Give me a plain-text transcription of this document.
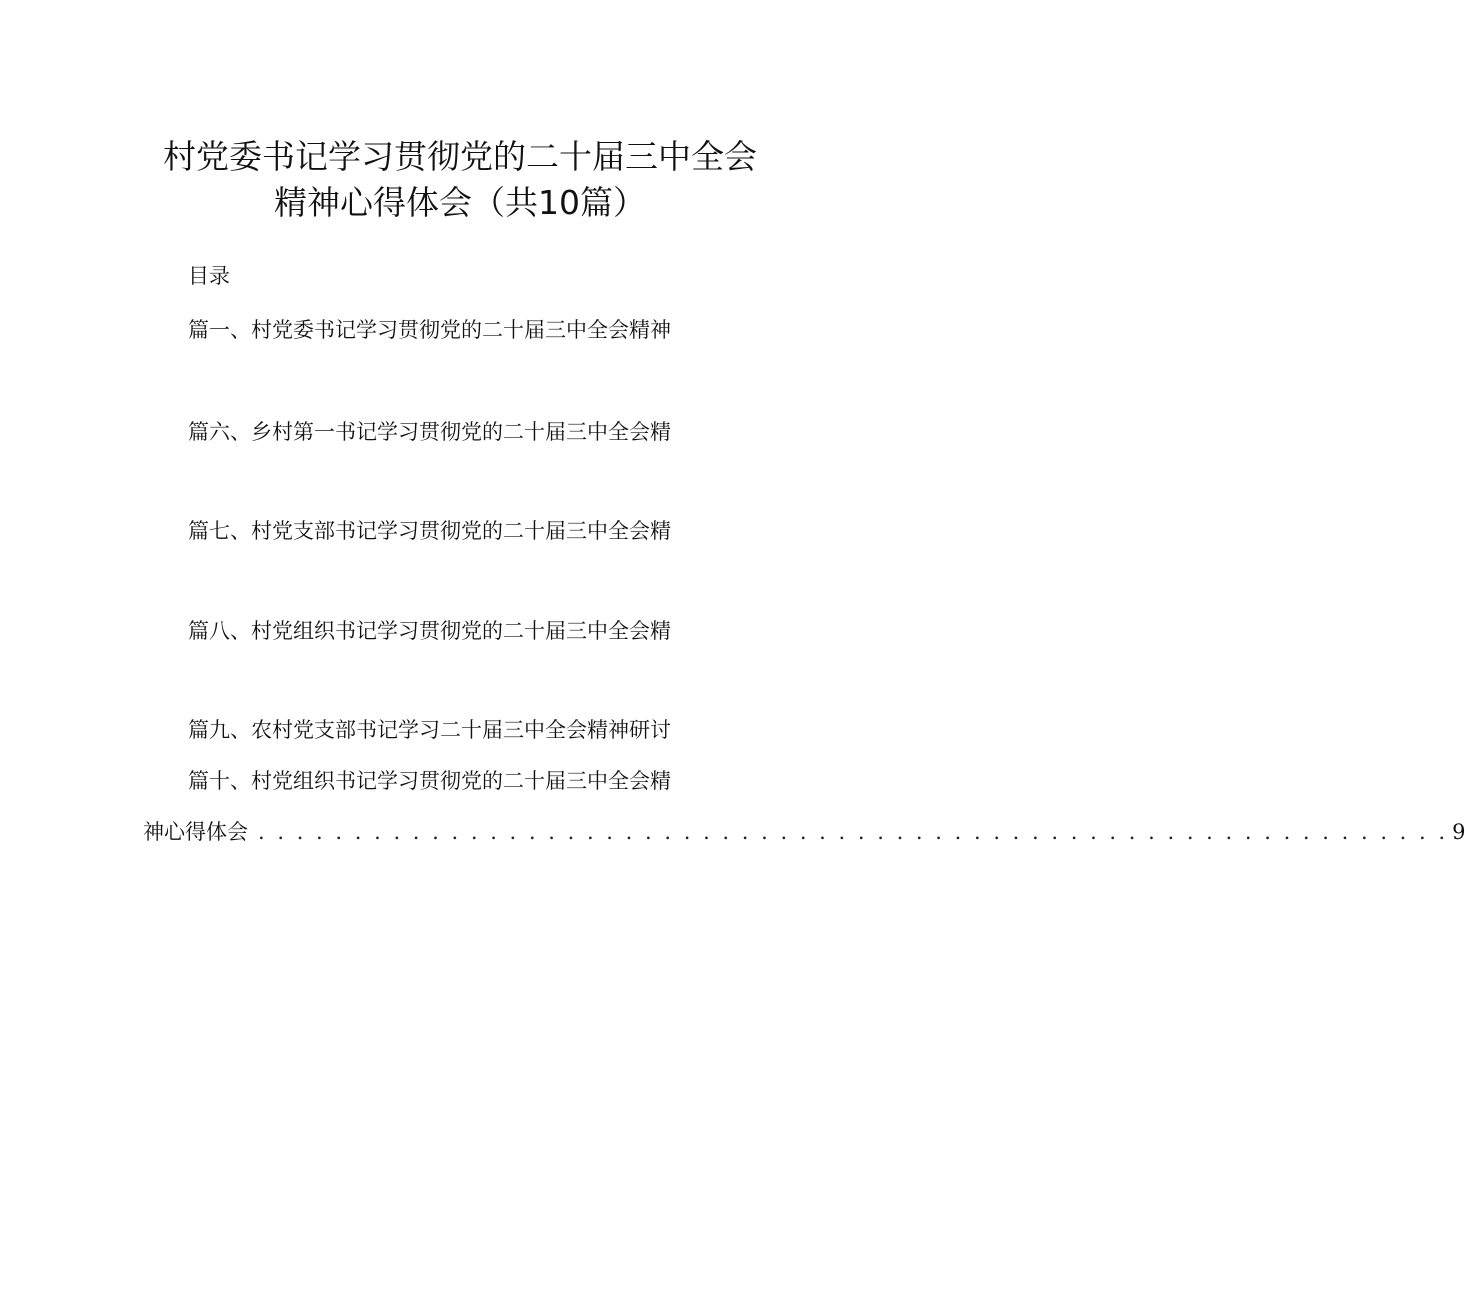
村党委书记学习贯彻党的二十届三中全会
精神心得体会（共10篇）
目录
篇一、村党委书记学习贯彻党的二十届三中全会精神
篇六、乡村第一书记学习贯彻党的二十届三中全会精
篇七、村党支部书记学习贯彻党的二十届三中全会精
篇八、村党组织书记学习贯彻党的二十届三中全会精
篇九、农村党支部书记学习二十届三中全会精神研讨
篇十、村党组织书记学习贯彻党的二十届三中全会精
神心得体会 . . . . . . . . . . . . . . . . . . . . . . . . . . . . . . . . . . . . . . . . . . . . . . . . . . . . . . . . . . . . . . 9
